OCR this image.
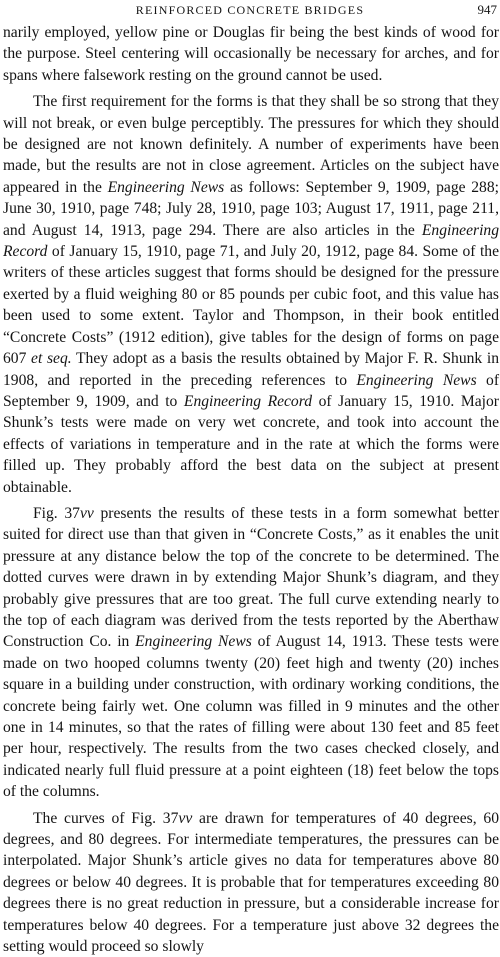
REINFORCED CONCRETE BRIDGES	947

narily employed, yellow pine or Douglas fir being the best kinds of wood for the purpose. Steel centering will occasionally be necessary for arches, and for spans where falsework resting on the ground cannot be used.

The first requirement for the forms is that they shall be so strong that they will not break, or even bulge perceptibly. The pressures for which they should be designed are not known definitely. A number of experiments have been made, but the results are not in close agreement. Articles on the subject have appeared in the Engineering News as follows: September 9, 1909, page 288; June 30, 1910, page 748; July 28, 1910, page 103; August 17, 1911, page 211, and August 14, 1913, page 294. There are also articles in the Engineering Record of January 15, 1910, page 71, and July 20, 1912, page 84. Some of the writers of these articles suggest that forms should be designed for the pressure exerted by a fluid weighing 80 or 85 pounds per cubic foot, and this value has been used to some extent. Taylor and Thompson, in their book entitled “Concrete Costs” (1912 edition), give tables for the design of forms on page 607 et seq. They adopt as a basis the results obtained by Major F. R. Shunk in 1908, and reported in the preceding references to Engineering News of September 9, 1909, and to Engineering Record of January 15, 1910. Major Shunk’s tests were made on very wet concrete, and took into account the effects of variations in temperature and in the rate at which the forms were filled up. They probably afford the best data on the subject at present obtainable.

Fig. 37vv presents the results of these tests in a form somewhat better suited for direct use than that given in “Concrete Costs,” as it enables the unit pressure at any distance below the top of the concrete to be determined. The dotted curves were drawn in by extending Major Shunk’s diagram, and they probably give pressures that are too great. The full curve extending nearly to the top of each diagram was derived from the tests reported by the Aberthaw Construction Co. in Engineering News of August 14, 1913. These tests were made on two hooped columns twenty (20) feet high and twenty (20) inches square in a building under construction, with ordinary working conditions, the concrete being fairly wet. One column was filled in 9 minutes and the other one in 14 minutes, so that the rates of filling were about 130 feet and 85 feet per hour, respectively. The results from the two cases checked closely, and indicated nearly full fluid pressure at a point eighteen (18) feet below the tops of the columns.

The curves of Fig. 37vv are drawn for temperatures of 40 degrees, 60 degrees, and 80 degrees. For intermediate temperatures, the pressures can be interpolated. Major Shunk’s article gives no data for temperatures above 80 degrees or below 40 degrees. It is probable that for temperatures exceeding 80 degrees there is no great reduction in pressure, but a considerable increase for temperatures below 40 degrees. For a temperature just above 32 degrees the setting would proceed so slowly
